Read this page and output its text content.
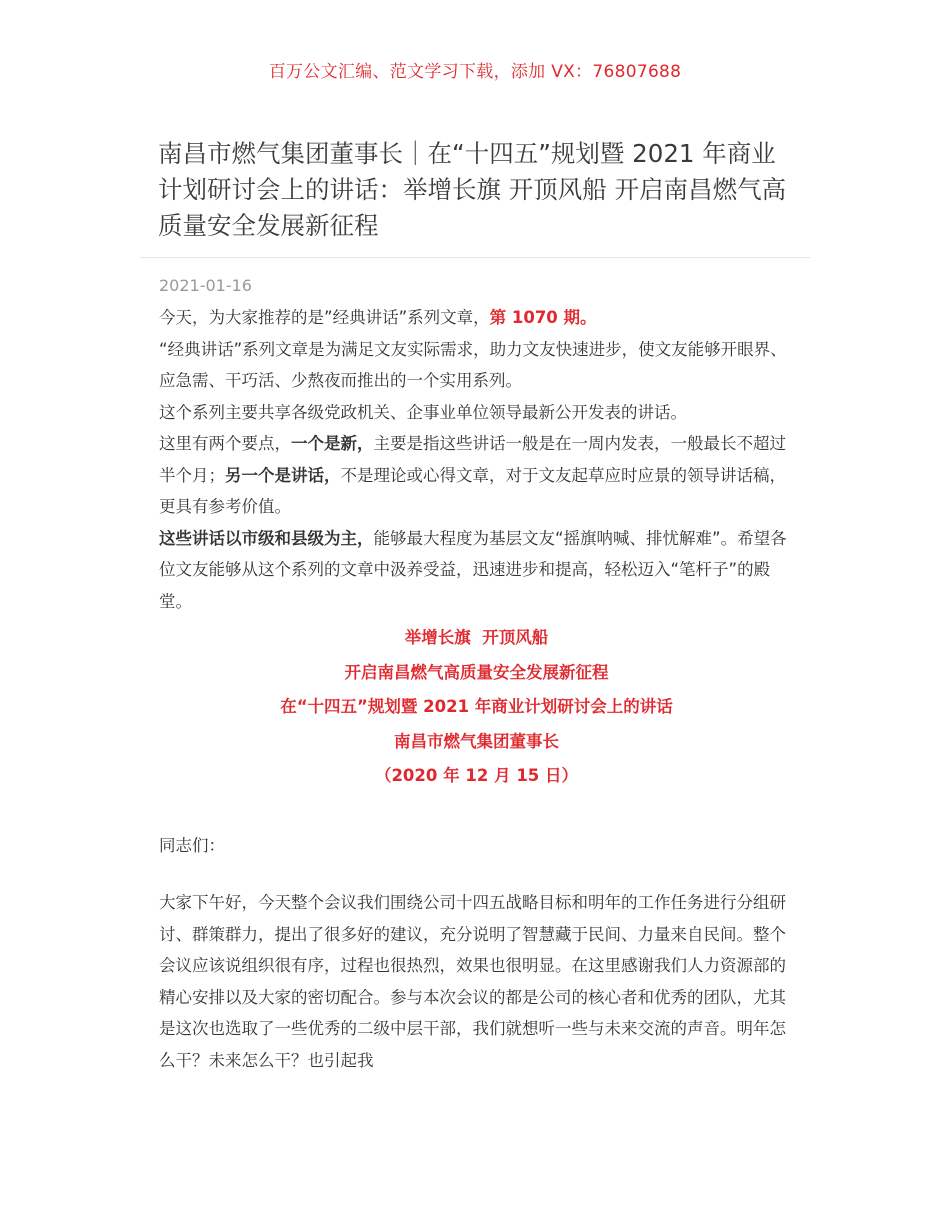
百万公文汇编、范文学习下载，添加 VX：76807688
南昌市燃气集团董事长｜在“十四五”规划暨 2021 年商业计划研讨会上的讲话：举增长旗 开顶风船 开启南昌燃气高质量安全发展新征程
2021-01-16

今天，为大家推荐的是”经典讲话”系列文章，第 1070 期。

“经典讲话”系列文章是为满足文友实际需求，助力文友快速进步，使文友能够开眼界、应急需、干巧活、少熬夜而推出的一个实用系列。

这个系列主要共享各级党政机关、企事业单位领导最新公开发表的讲话。

这里有两个要点，一个是新，主要是指这些讲话一般是在一周内发表，一般最长不超过半个月；另一个是讲话，不是理论或心得文章，对于文友起草应时应景的领导讲话稿，更具有参考价值。

这些讲话以市级和县级为主，能够最大程度为基层文友“摇旗呐喊、排忧解难”。希望各位文友能够从这个系列的文章中汲养受益，迅速进步和提高，轻松迈入“笔杆子”的殿堂。

举增长旗  开顶风船

开启南昌燃气高质量安全发展新征程

在“十四五”规划暨 2021 年商业计划研讨会上的讲话

南昌市燃气集团董事长

（2020 年 12 月 15 日）

同志们：

大家下午好，今天整个会议我们围绕公司十四五战略目标和明年的工作任务进行分组研讨、群策群力，提出了很多好的建议，充分说明了智慧藏于民间、力量来自民间。整个会议应该说组织很有序，过程也很热烈，效果也很明显。在这里感谢我们人力资源部的精心安排以及大家的密切配合。参与本次会议的都是公司的核心者和优秀的团队，尤其是这次也选取了一些优秀的二级中层干部，我们就想听一些与未来交流的声音。明年怎么干？未来怎么干？也引起我
